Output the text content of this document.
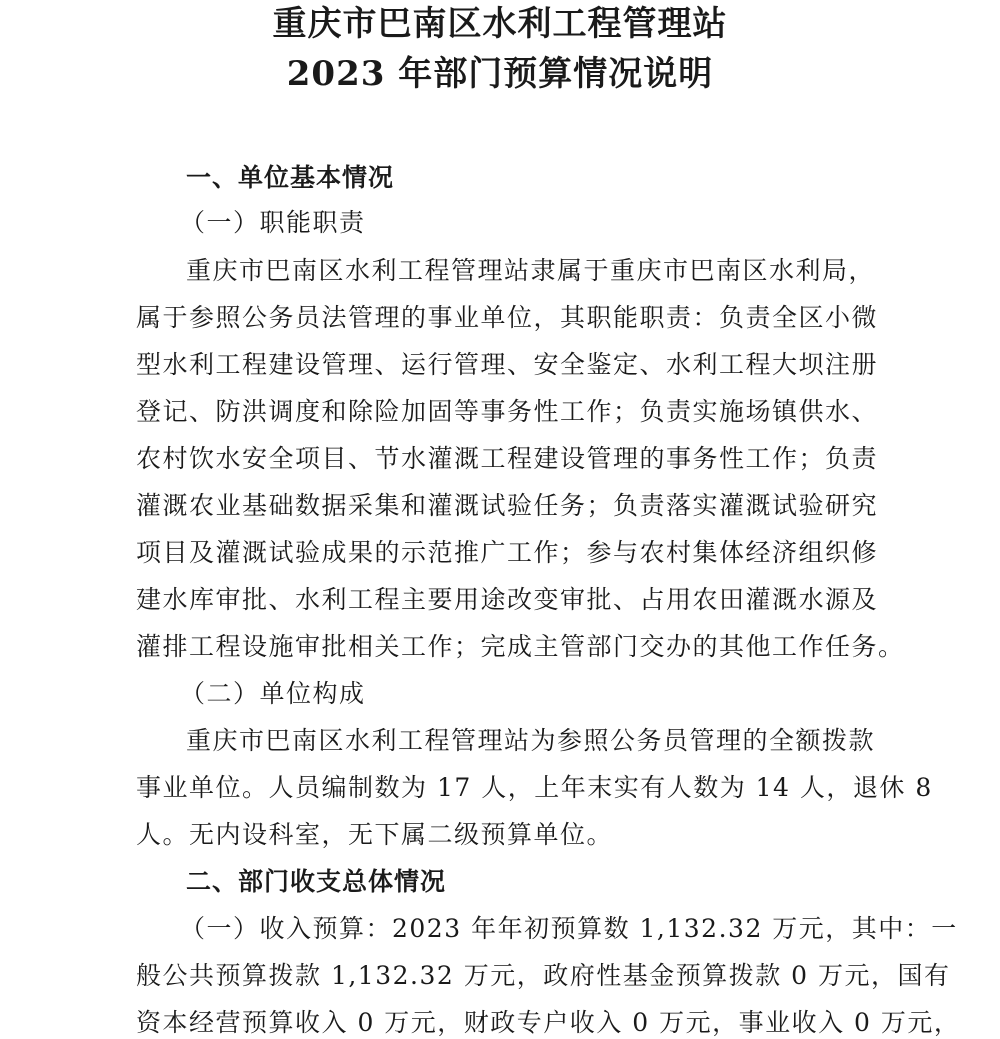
重庆市巴南区水利工程管理站
2023 年部门预算情况说明
一、单位基本情况
（一）职能职责
重庆市巴南区水利工程管理站隶属于重庆市巴南区水利局，
属于参照公务员法管理的事业单位，其职能职责：负责全区小微
型水利工程建设管理、运行管理、安全鉴定、水利工程大坝注册
登记、防洪调度和除险加固等事务性工作；负责实施场镇供水、
农村饮水安全项目、节水灌溉工程建设管理的事务性工作；负责
灌溉农业基础数据采集和灌溉试验任务；负责落实灌溉试验研究
项目及灌溉试验成果的示范推广工作；参与农村集体经济组织修
建水库审批、水利工程主要用途改变审批、占用农田灌溉水源及
灌排工程设施审批相关工作；完成主管部门交办的其他工作任务。
（二）单位构成
重庆市巴南区水利工程管理站为参照公务员管理的全额拨款
事业单位。人员编制数为 17 人，上年末实有人数为 14 人，退休 8
人。无内设科室，无下属二级预算单位。
二、部门收支总体情况
（一）收入预算：2023 年年初预算数 1,132.32 万元，其中：一
般公共预算拨款 1,132.32 万元，政府性基金预算拨款 0 万元，国有
资本经营预算收入 0 万元，财政专户收入 0 万元，事业收入 0 万元，
